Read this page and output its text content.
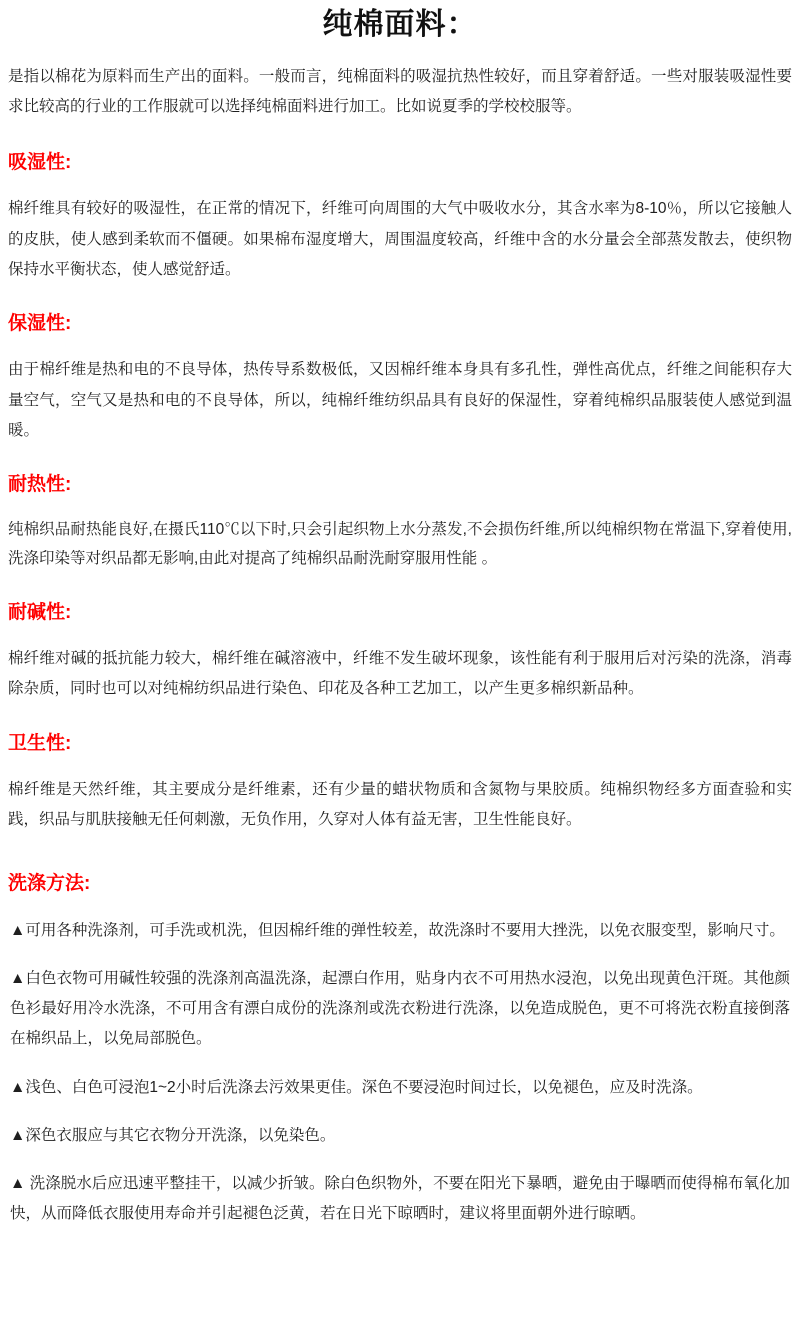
纯棉面料：

是指以棉花为原料而生产出的面料。一般而言，纯棉面料的吸湿抗热性较好，而且穿着舒适。一些对服装吸湿性要求比较高的行业的工作服就可以选择纯棉面料进行加工。比如说夏季的学校校服等。

吸湿性:
棉纤维具有较好的吸湿性，在正常的情况下，纤维可向周围的大气中吸收水分，其含水率为8-10％，所以它接触人的皮肤，使人感到柔软而不僵硬。如果棉布湿度增大，周围温度较高，纤维中含的水分量会全部蒸发散去，使织物保持水平衡状态，使人感觉舒适。
保湿性:
由于棉纤维是热和电的不良导体，热传导系数极低，又因棉纤维本身具有多孔性，弹性高优点，纤维之间能积存大量空气，空气又是热和电的不良导体，所以，纯棉纤维纺织品具有良好的保湿性，穿着纯棉织品服装使人感觉到温暖。
耐热性:
纯棉织品耐热能良好,在摄氏110℃以下时,只会引起织物上水分蒸发,不会损伤纤维,所以纯棉织物在常温下,穿着使用,洗涤印染等对织品都无影响,由此对提高了纯棉织品耐洗耐穿服用性能 。
耐碱性:
棉纤维对碱的抵抗能力较大，棉纤维在碱溶液中，纤维不发生破坏现象，该性能有利于服用后对污染的洗涤，消毒除杂质，同时也可以对纯棉纺织品进行染色、印花及各种工艺加工，以产生更多棉织新品种。
卫生性:
棉纤维是天然纤维，其主要成分是纤维素，还有少量的蜡状物质和含氮物与果胶质。纯棉织物经多方面查验和实践，织品与肌肤接触无任何刺激，无负作用，久穿对人体有益无害，卫生性能良好。
洗涤方法:
▲可用各种洗涤剂，可手洗或机洗，但因棉纤维的弹性较差，故洗涤时不要用大挫洗，以免衣服变型，影响尺寸。
▲白色衣物可用碱性较强的洗涤剂高温洗涤，起漂白作用，贴身内衣不可用热水浸泡，以免出现黄色汗斑。其他颜色衫最好用冷水洗涤，不可用含有漂白成份的洗涤剂或洗衣粉进行洗涤，以免造成脱色，更不可将洗衣粉直接倒落在棉织品上，以免局部脱色。
▲浅色、白色可浸泡1~2小时后洗涤去污效果更佳。深色不要浸泡时间过长，以免褪色，应及时洗涤。
▲深色衣服应与其它衣物分开洗涤，以免染色。
▲ 洗涤脱水后应迅速平整挂干，以减少折皱。除白色织物外，不要在阳光下暴晒，避免由于曝晒而使得棉布氧化加快，从而降低衣服使用寿命并引起褪色泛黄，若在日光下晾晒时，建议将里面朝外进行晾晒。
